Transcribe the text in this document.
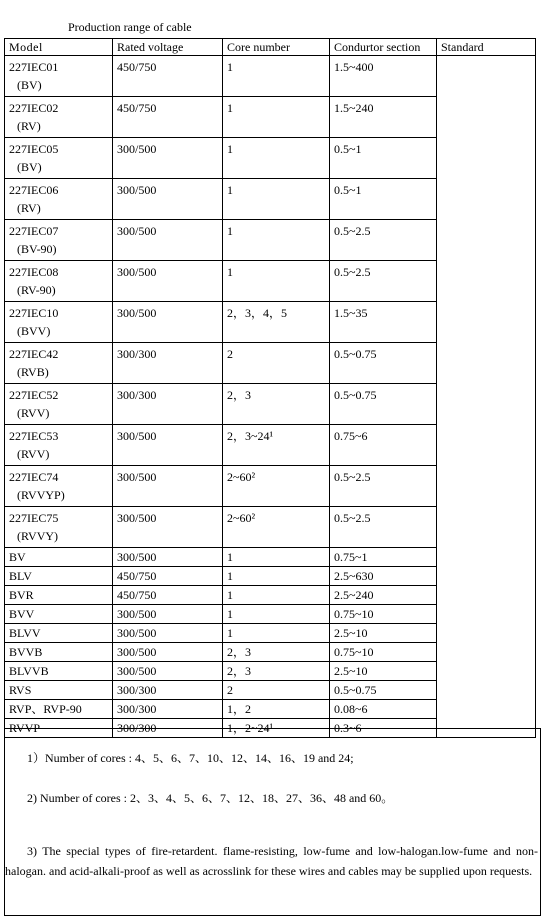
Production range of cable
Model	Rated voltage	Core number	Condurtor section	Standard

227IEC01
(BV)	450/750	1	1.5~400	

227IEC02
(RV)	450/750	1	1.5~240	

227IEC05
(BV)	300/500	1	0.5~1	

227IEC06
(RV)	300/500	1	0.5~1	

227IEC07
(BV-90)	300/500	1	0.5~2.5	

227IEC08
(RV-90)	300/500	1	0.5~2.5	

227IEC10
(BVV)	300/500	2，3，4，5	1.5~35	

227IEC42
(RVB)	300/300	2	0.5~0.75	

227IEC52
(RVV)	300/300	2，3	0.5~0.75	

227IEC53
(RVV)	300/500	2，3~24¹	0.75~6	

227IEC74
(RVVYP)	300/500	2~60²	0.5~2.5	

227IEC75
(RVVY)	300/500	2~60²	0.5~2.5	

BV	300/500	1	0.75~1	

BLV	450/750	1	2.5~630	

BVR	450/750	1	2.5~240	

BVV	300/500	1	0.75~10	

BLVV	300/500	1	2.5~10	

BVVB	300/500	2，3	0.75~10	

BLVVB	300/500	2，3	2.5~10	

RVS	300/300	2	0.5~0.75	

RVP、RVP-90	300/300	1，2	0.08~6	

RVVP	300/300	1，2~24¹	0.3~6	
1）Number of cores : 4、5、6、7、10、12、14、16、19 and 24;
2) Number of cores : 2、3、4、5、6、7、12、18、27、36、48 and 60。
3) The special types of fire-retardent. flame-resisting, low-fume and low-halogan.low-fume and non-halogan. and acid-alkali-proof as well as acrosslink for these wires and cables may be supplied upon requests.
